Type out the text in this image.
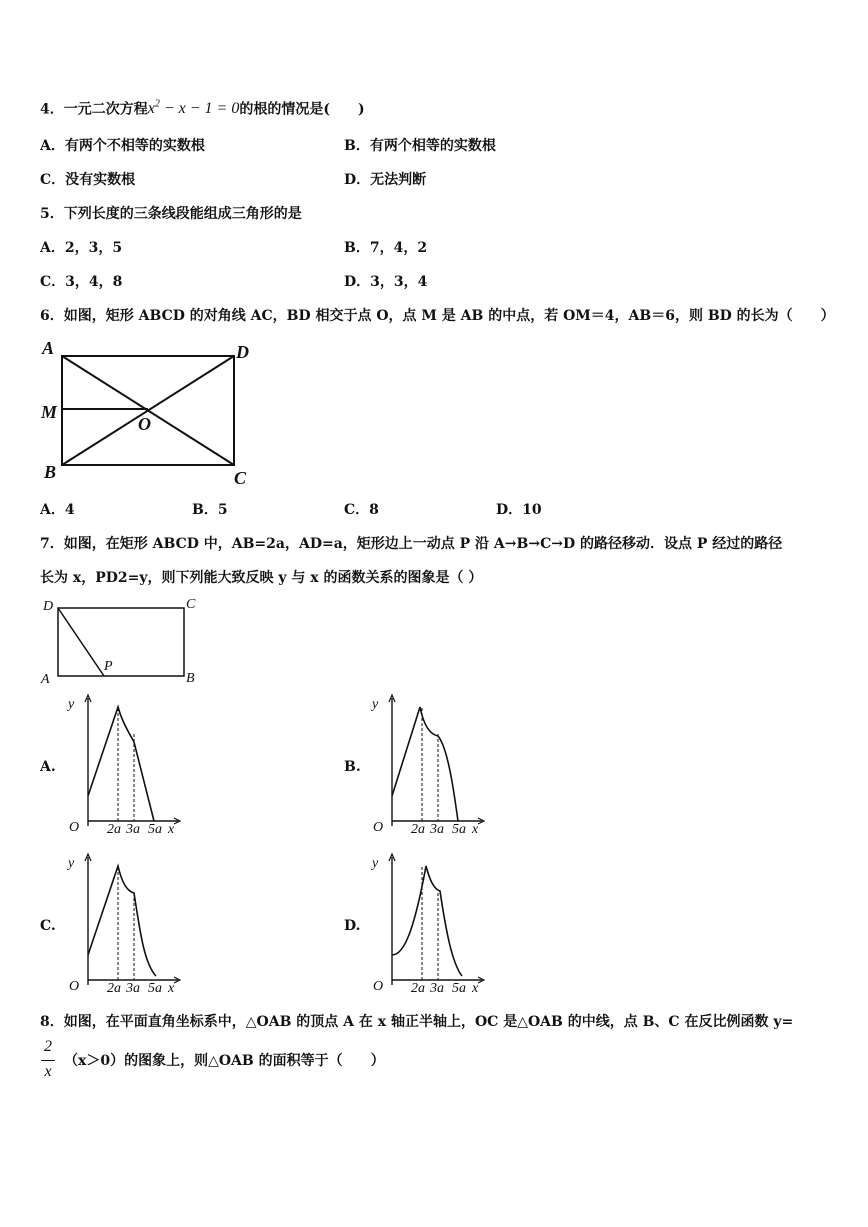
4．一元二次方程$x^2 - x - 1 = 0$的根的情况是(　　)
A．有两个不相等的实数根	B．有两个相等的实数根
C．没有实数根	D．无法判断
5．下列长度的三条线段能组成三角形的是
A．2，3，5	B．7，4，2
C．3，4，8	D．3，3，4
6．如图，矩形 ABCD 的对角线 AC，BD 相交于点 O，点 M 是 AB 的中点，若 OM＝4，AB＝6，则 BD 的长为（　　）
A	D
M
O
B	C
A．4	B．5	C．8	D．10
7．如图，在矩形 ABCD 中，AB=2a，AD=a，矩形边上一动点 P 沿 A→B→C→D 的路径移动．设点 P 经过的路径
长为 x，PD2=y，则下列能大致反映 y 与 x 的函数关系的图象是（ ）
D	C
A	B
P
A.
y
O 2a 3a 5a x
B.
y
O 2a 3a 5a x
C.
y
O 2a 3a 5a x
D.
y
O 2a 3a 5a x
8．如图，在平面直角坐标系中，△OAB 的顶点 A 在 x 轴正半轴上，OC 是△OAB 的中线，点 B、C 在反比例函数 y=
2
x
（x＞0）的图象上，则△OAB 的面积等于（　　）
